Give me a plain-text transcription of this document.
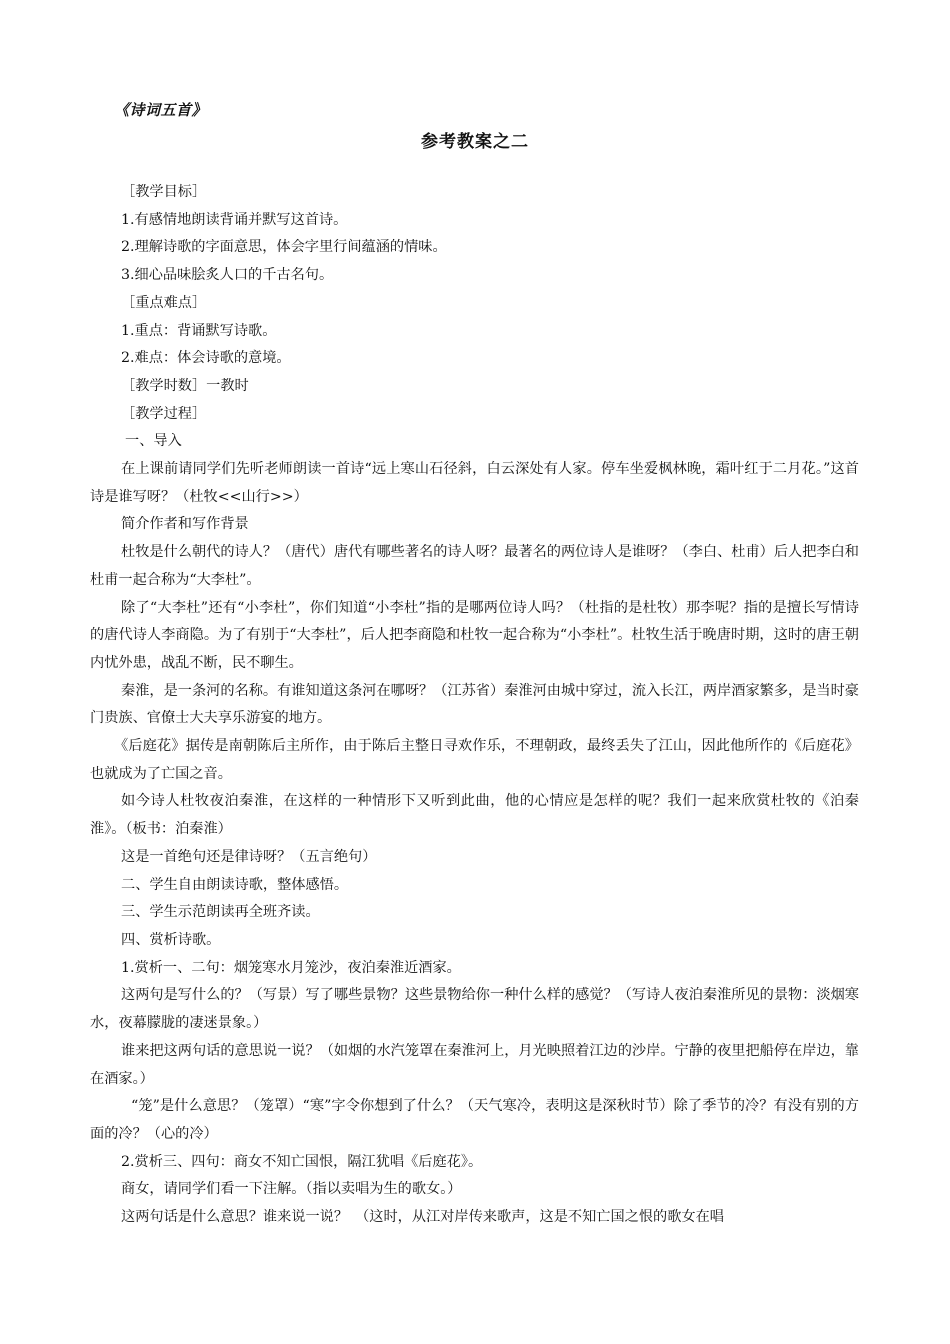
《诗词五首》
参考教案之二

［教学目标］

1.有感情地朗读背诵并默写这首诗。

2.理解诗歌的字面意思，体会字里行间蕴涵的情味。

3.细心品味脍炙人口的千古名句。

［重点难点］

1.重点：背诵默写诗歌。

2.难点：体会诗歌的意境。

［教学时数］一教时

［教学过程］

一、导入

在上课前请同学们先听老师朗读一首诗“远上寒山石径斜，白云深处有人家。停车坐爱枫林晚，霜叶红于二月花。”这首诗是谁写呀？（杜牧<<山行>>）

简介作者和写作背景

杜牧是什么朝代的诗人？（唐代）唐代有哪些著名的诗人呀？最著名的两位诗人是谁呀？（李白、杜甫）后人把李白和杜甫一起合称为“大李杜”。

除了“大李杜”还有“小李杜”，你们知道“小李杜”指的是哪两位诗人吗？（杜指的是杜牧）那李呢？指的是擅长写情诗的唐代诗人李商隐。为了有别于“大李杜”，后人把李商隐和杜牧一起合称为“小李杜”。杜牧生活于晚唐时期，这时的唐王朝内忧外患，战乱不断，民不聊生。

秦淮，是一条河的名称。有谁知道这条河在哪呀？（江苏省）秦淮河由城中穿过，流入长江，两岸酒家繁多，是当时豪门贵族、官僚士大夫享乐游宴的地方。

《后庭花》据传是南朝陈后主所作，由于陈后主整日寻欢作乐，不理朝政，最终丢失了江山，因此他所作的《后庭花》也就成为了亡国之音。

如今诗人杜牧夜泊秦淮，在这样的一种情形下又听到此曲，他的心情应是怎样的呢？我们一起来欣赏杜牧的《泊秦淮》。（板书：泊秦淮）

这是一首绝句还是律诗呀？（五言绝句）

二、学生自由朗读诗歌，整体感悟。

三、学生示范朗读再全班齐读。

四、赏析诗歌。

1.赏析一、二句：烟笼寒水月笼沙，夜泊秦淮近酒家。

这两句是写什么的？（写景）写了哪些景物？这些景物给你一种什么样的感觉？（写诗人夜泊秦淮所见的景物：淡烟寒水，夜幕朦胧的凄迷景象。）

谁来把这两句话的意思说一说？（如烟的水汽笼罩在秦淮河上，月光映照着江边的沙岸。宁静的夜里把船停在岸边，靠在酒家。）

“笼”是什么意思？（笼罩）“寒”字令你想到了什么？（天气寒冷，表明这是深秋时节）除了季节的冷？有没有别的方面的冷？（心的冷）

2.赏析三、四句：商女不知亡国恨，隔江犹唱《后庭花》。

商女，请同学们看一下注解。（指以卖唱为生的歌女。）

这两句话是什么意思？谁来说一说？　（这时，从江对岸传来歌声，这是不知亡国之恨的歌女在唱
